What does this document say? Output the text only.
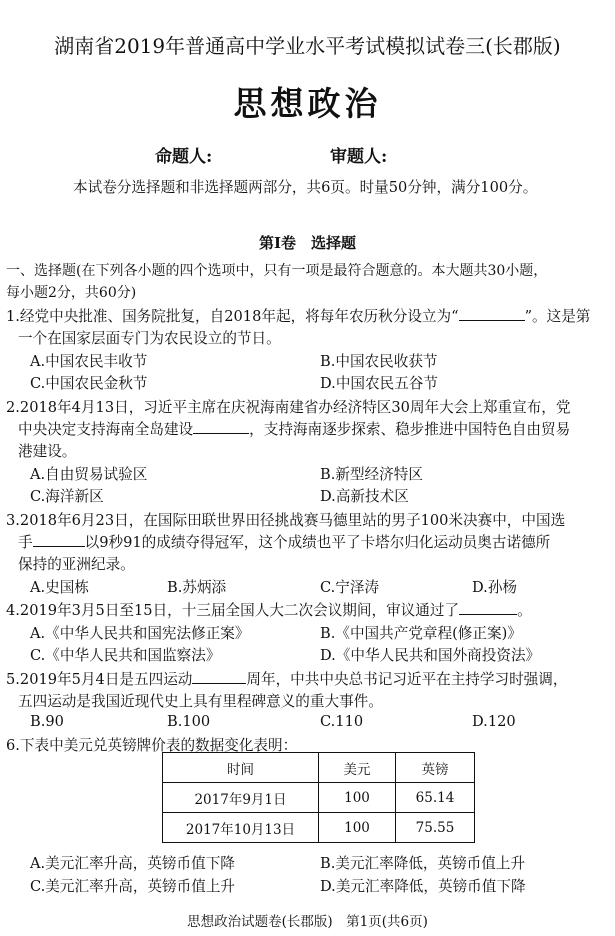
湖南省2019年普通高中学业水平考试模拟试卷三(长郡版)
思想政治
命题人:	审题人:
本试卷分选择题和非选择题两部分，共6页。时量50分钟，满分100分。
第Ⅰ卷　选择题
一、选择题(在下列各小题的四个选项中，只有一项是最符合题意的。本大题共30小题，
每小题2分，共60分)
1.经党中央批准、国务院批复，自2018年起，将每年农历秋分设立为“	”。这是第
一个在国家层面专门为农民设立的节日。
A.中国农民丰收节	B.中国农民收获节
C.中国农民金秋节	D.中国农民五谷节
2.2018年4月13日，习近平主席在庆祝海南建省办经济特区30周年大会上郑重宣布，党
中央决定支持海南全岛建设	，支持海南逐步探索、稳步推进中国特色自由贸易
港建设。
A.自由贸易试验区	B.新型经济特区
C.海洋新区	D.高新技术区
3.2018年6月23日，在国际田联世界田径挑战赛马德里站的男子100米决赛中，中国选
手	以9秒91的成绩夺得冠军，这个成绩也平了卡塔尔归化运动员奥古诺德所
保持的亚洲纪录。
A.史国栋	B.苏炳添	C.宁泽涛	D.孙杨
4.2019年3月5日至15日，十三届全国人大二次会议期间，审议通过了	。
A.《中华人民共和国宪法修正案》	B.《中国共产党章程(修正案)》
C.《中华人民共和国监察法》	D.《中华人民共和国外商投资法》
5.2019年5月4日是五四运动	周年，中共中央总书记习近平在主持学习时强调，
五四运动是我国近现代史上具有里程碑意义的重大事件。
B.90	B.100	C.110	D.120
6.下表中美元兑英镑牌价表的数据变化表明：
时间	美元	英镑
2017年9月1日	100	65.14
2017年10月13日	100	75.55
A.美元汇率升高，英镑币值下降	B.美元汇率降低，英镑币值上升
C.美元汇率升高，英镑币值上升	D.美元汇率降低，英镑币值下降
思想政治试题卷(长郡版)　第1页(共6页)
